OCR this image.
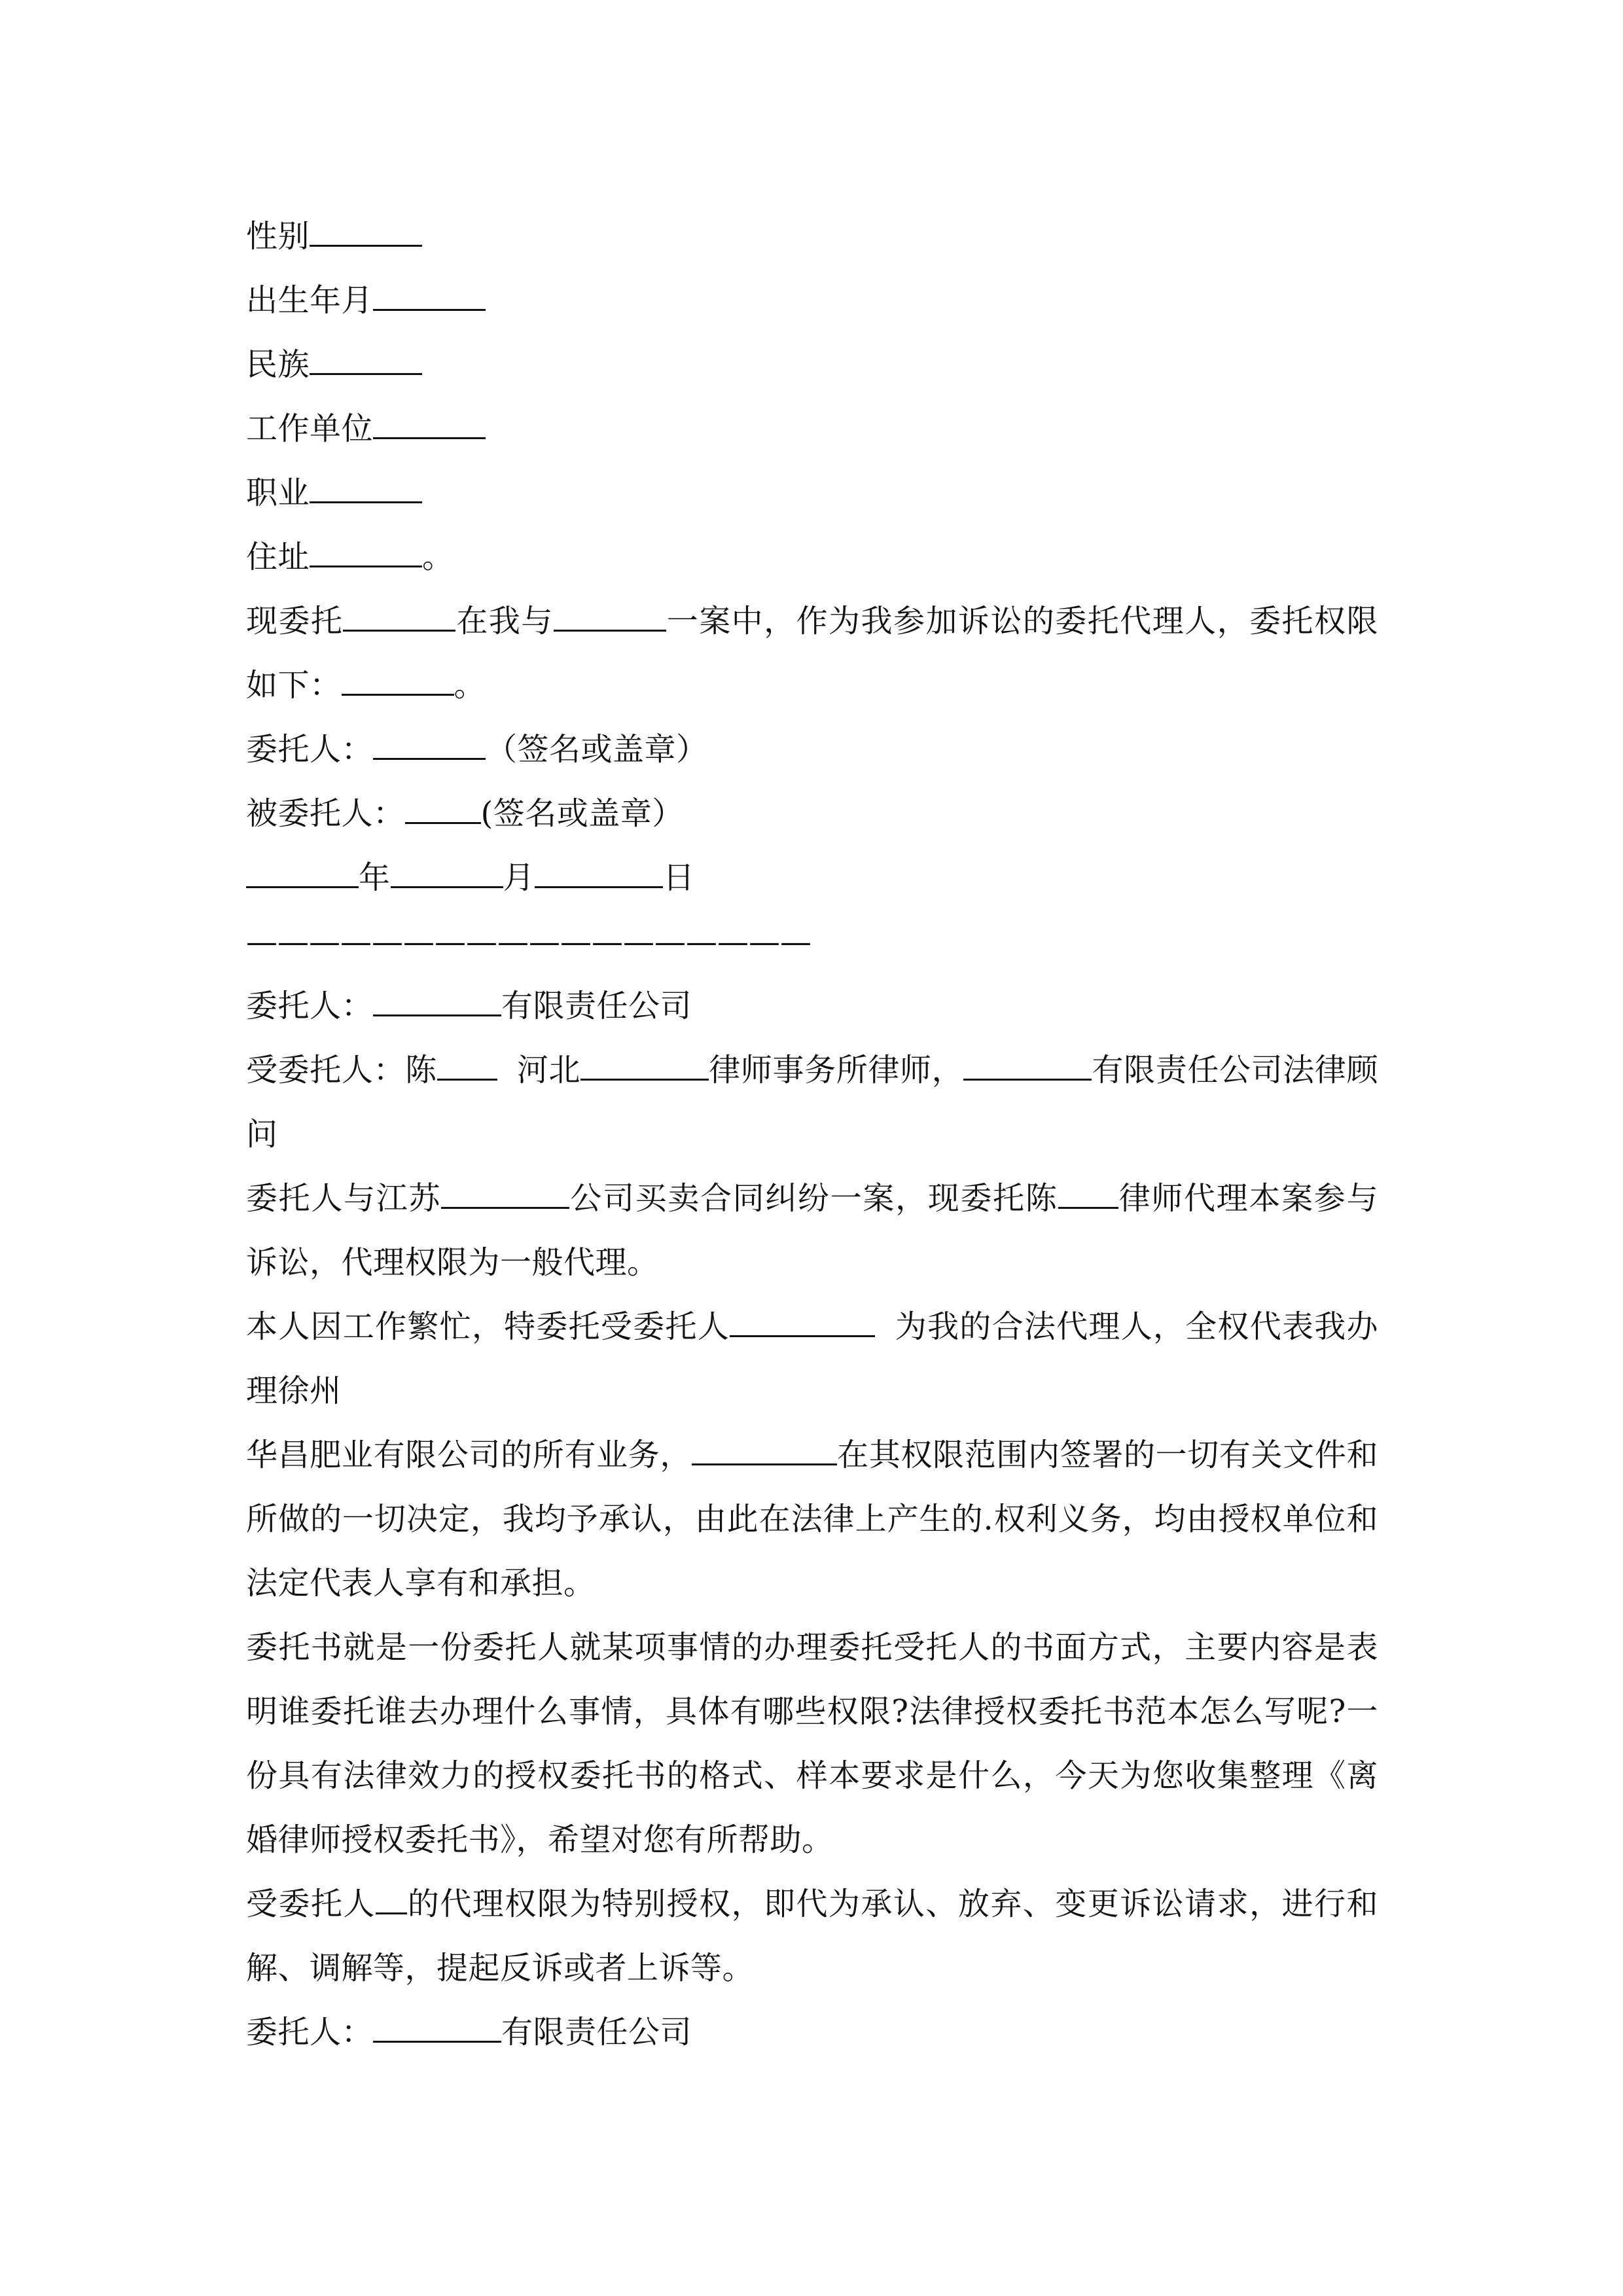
性别
出生年月
民族
工作单位
职业
住址	。
现委托	在我与	一案中，作为我参加诉讼的委托代理人，委托权限如下：	。
委托人：	（签名或盖章）
被委托人： (签名或盖章）
年	月	日
——————————————————
委托人：	有限责任公司
受委托人：陈	河北	律师事务所律师，	有限责任公司法律顾问
委托人与江苏	公司买卖合同纠纷一案，现委托陈 律师代理本案参与诉讼，代理权限为一般代理。
本人因工作繁忙，特委托受委托人	为我的合法代理人，全权代表我办理徐州
华昌肥业有限公司的所有业务，	在其权限范围内签署的一切有关文件和所做的一切决定，我均予承认，由此在法律上产生的.权利义务，均由授权单位和法定代表人享有和承担。
委托书就是一份委托人就某项事情的办理委托受托人的书面方式，主要内容是表明谁委托谁去办理什么事情，具体有哪些权限?法律授权委托书范本怎么写呢?一份具有法律效力的授权委托书的格式、样本要求是什么，今天为您收集整理《离婚律师授权委托书》，希望对您有所帮助。
受委托人 的代理权限为特别授权，即代为承认、放弃、变更诉讼请求，进行和解、调解等，提起反诉或者上诉等。
委托人：	有限责任公司
